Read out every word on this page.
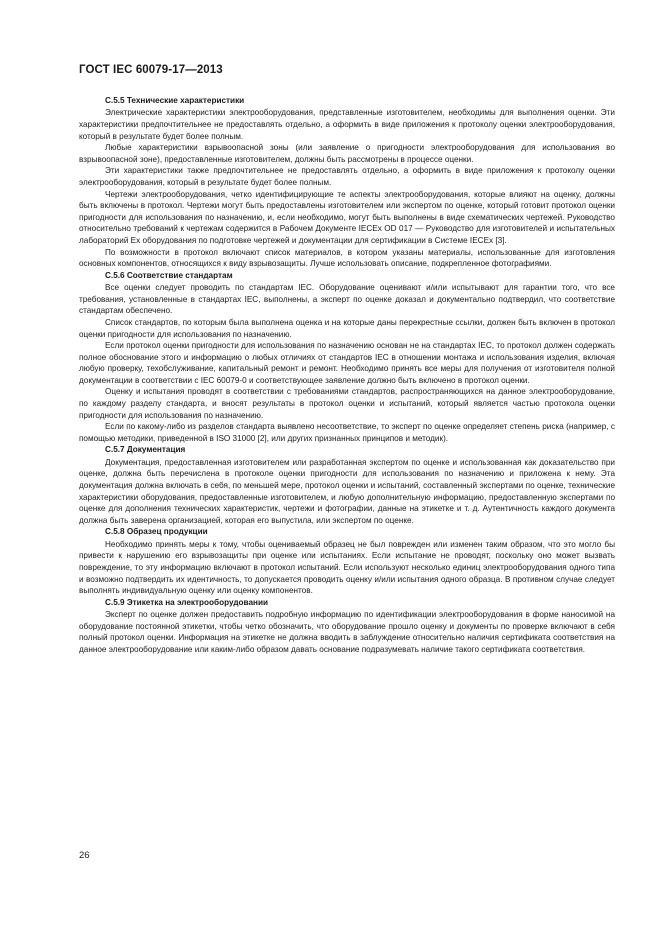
ГОСТ IEC 60079-17—2013
C.5.5 Технические характеристики

Электрические характеристики электрооборудования, представленные изготовителем, необходимы для выполнения оценки. Эти характеристики предпочтительнее не предоставлять отдельно, а оформить в виде приложения к протоколу оценки электрооборудования, который в результате будет более полным.

Любые характеристики взрывоопасной зоны (или заявление о пригодности электрооборудования для использования во взрывоопасной зоне), предоставленные изготовителем, должны быть рассмотрены в процессе оценки.

Эти характеристики также предпочтительнее не предоставлять отдельно, а оформить в виде приложения к протоколу оценки электрооборудования, который в результате будет более полным.

Чертежи электрооборудования, четко идентифицирующие те аспекты электрооборудования, которые влияют на оценку, должны быть включены в протокол. Чертежи могут быть предоставлены изготовителем или экспертом по оценке, который готовит протокол оценки пригодности для использования по назначению, и, если необходимо, могут быть выполнены в виде схематических чертежей. Руководство относительно требований к чертежам содержится в Рабочем Документе IECEx OD 017 — Руководство для изготовителей и испытательных лабораторий Ex оборудования по подготовке чертежей и документации для сертификации в Системе IECEx [3].

По возможности в протокол включают список материалов, в котором указаны материалы, использованные для изготовления основных компонентов, относящихся к виду взрывозащиты. Лучше использовать описание, подкрепленное фотографиями.

C.5.6 Соответствие стандартам

Все оценки следует проводить по стандартам IEC. Оборудование оценивают и/или испытывают для гарантии того, что все требования, установленные в стандартах IEC, выполнены, а эксперт по оценке доказал и документально подтвердил, что соответствие стандартам обеспечено.

Список стандартов, по которым была выполнена оценка и на которые даны перекрестные ссылки, должен быть включен в протокол оценки пригодности для использования по назначению.

Если протокол оценки пригодности для использования по назначению основан не на стандартах IEC, то протокол должен содержать полное обоснование этого и информацию о любых отличиях от стандартов IEC в отношении монтажа и использования изделия, включая любую проверку, техобслуживание, капитальный ремонт и ремонт. Необходимо принять все меры для получения от изготовителя полной документации в соответствии с IEC 60079-0 и соответствующее заявление должно быть включено в протокол оценки.

Оценку и испытания проводят в соответствии с требованиями стандартов, распространяющихся на данное электрооборудование, по каждому разделу стандарта, и вносят результаты в протокол оценки и испытаний, который является частью протокола оценки пригодности для использования по назначению.

Если по какому-либо из разделов стандарта выявлено несоответствие, то эксперт по оценке определяет степень риска (например, с помощью методики, приведенной в ISO 31000 [2], или других признанных принципов и методик).

C.5.7 Документация

Документация, предоставленная изготовителем или разработанная экспертом по оценке и использованная как доказательство при оценке, должна быть перечислена в протоколе оценки пригодности для использования по назначению и приложена к нему. Эта документация должна включать в себя, по меньшей мере, протокол оценки и испытаний, составленный экспертами по оценке, технические характеристики оборудования, предоставленные изготовителем, и любую дополнительную информацию, предоставленную экспертами по оценке для дополнения технических характеристик, чертежи и фотографии, данные на этикетке и т. д. Аутентичность каждого документа должна быть заверена организацией, которая его выпустила, или экспертом по оценке.

C.5.8 Образец продукции

Необходимо принять меры к тому, чтобы оцениваемый образец не был поврежден или изменен таким образом, что это могло бы привести к нарушению его взрывозащиты при оценке или испытаниях. Если испытание не проводят, поскольку оно может вызвать повреждение, то эту информацию включают в протокол испытаний. Если используют несколько единиц электрооборудования одного типа и возможно подтвердить их идентичность, то допускается проводить оценку и/или испытания одного образца. В противном случае следует выполнять индивидуальную оценку или оценку компонентов.

C.5.9 Этикетка на электрооборудовании

Эксперт по оценке должен предоставить подробную информацию по идентификации электрооборудования в форме наносимой на оборудование постоянной этикетки, чтобы четко обозначить, что оборудование прошло оценку и документы по проверке включают в себя полный протокол оценки. Информация на этикетке не должна вводить в заблуждение относительно наличия сертификата соответствия на данное электрооборудование или каким-либо образом давать основание подразумевать наличие такого сертификата соответствия.

26
